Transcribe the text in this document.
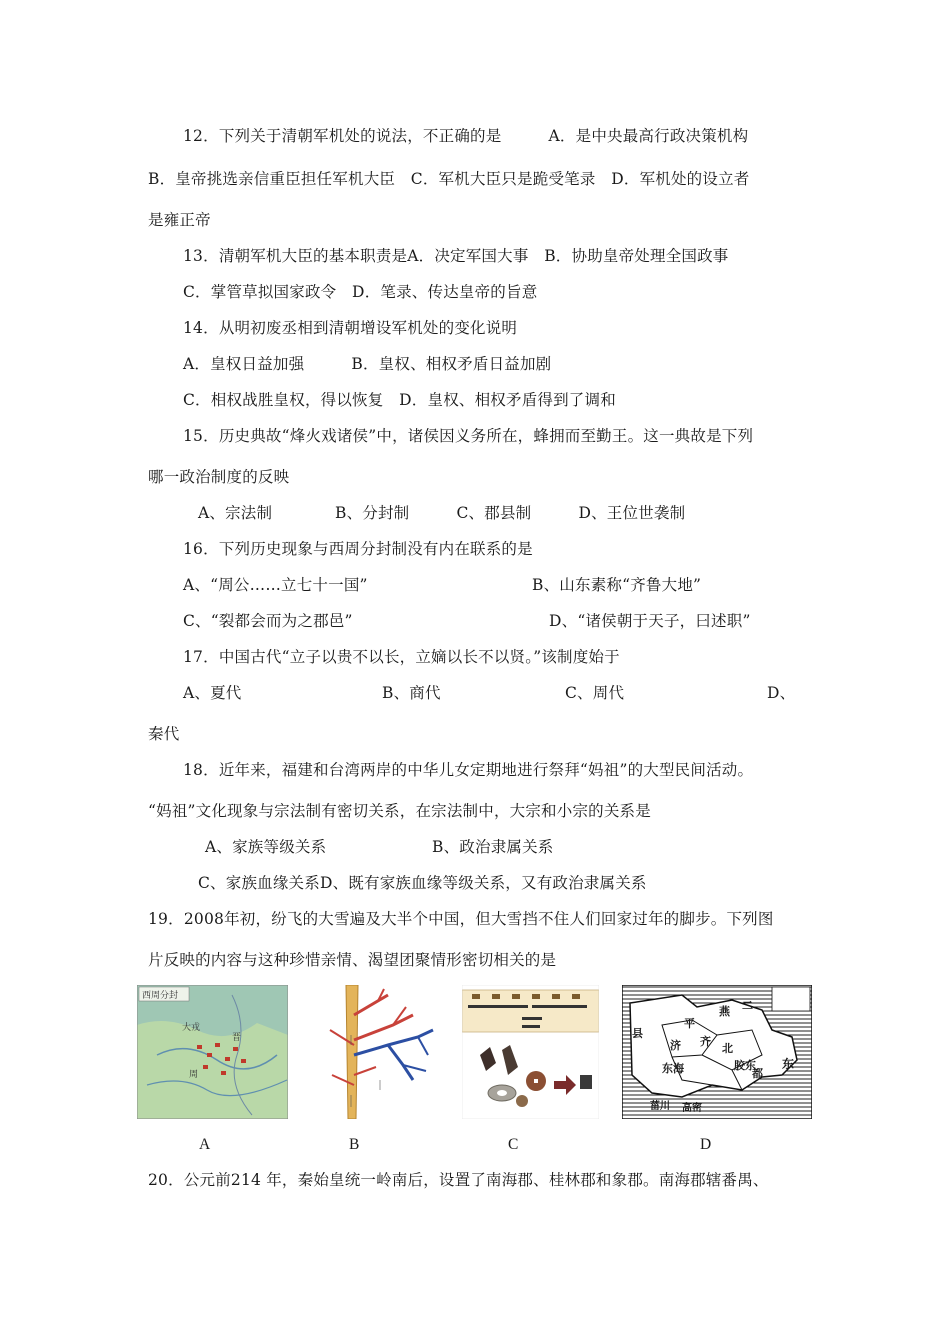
12．下列关于清朝军机处的说法，不正确的是　　　A．是中央最高行政决策机构
B．皇帝挑选亲信重臣担任军机大臣　C．军机大臣只是跪受笔录　D．军机处的设立者
是雍正帝
13．清朝军机大臣的基本职责是A．决定军国大事　B．协助皇帝处理全国政事
C．掌管草拟国家政令　D．笔录、传达皇帝的旨意
14．从明初废丞相到清朝增设军机处的变化说明
A．皇权日益加强　　　B．皇权、相权矛盾日益加剧
C．相权战胜皇权，得以恢复　D．皇权、相权矛盾得到了调和
15．历史典故“烽火戏诸侯”中，诸侯因义务所在，蜂拥而至勤王。这一典故是下列
哪一政治制度的反映
A、宗法制　　　　B、分封制　　　C、郡县制　　　D、王位世袭制
16．下列历史现象与西周分封制没有内在联系的是
A、“周公……立七十一国”	B、山东素称“齐鲁大地”
C、“裂都会而为之郡邑”	D、“诸侯朝于天子，曰述职”
17．中国古代“立子以贵不以长，立嫡以长不以贤。”该制度始于
A、夏代	B、商代	C、周代	D、
秦代
18．近年来，福建和台湾两岸的中华儿女定期地进行祭拜“妈祖”的大型民间活动。
“妈祖”文化现象与宗法制有密切关系，在宗法制中，大宗和小宗的关系是
A、家族等级关系	B、政治隶属关系
C、家族血缘关系D、既有家族血缘等级关系，又有政治隶属关系
19．2008年初，纷飞的大雪遍及大半个中国，但大雪挡不住人们回家过年的脚步。下列图
片反映的内容与这种珍惜亲情、渴望团聚情形密切相关的是
西周分封
大戎
晋
周
东
二
燕
齐
北
济
东海	胶东
菑川 高密
平
县
都
A	B	C	D
20．公元前214 年，秦始皇统一岭南后，设置了南海郡、桂林郡和象郡。南海郡辖番禺、
